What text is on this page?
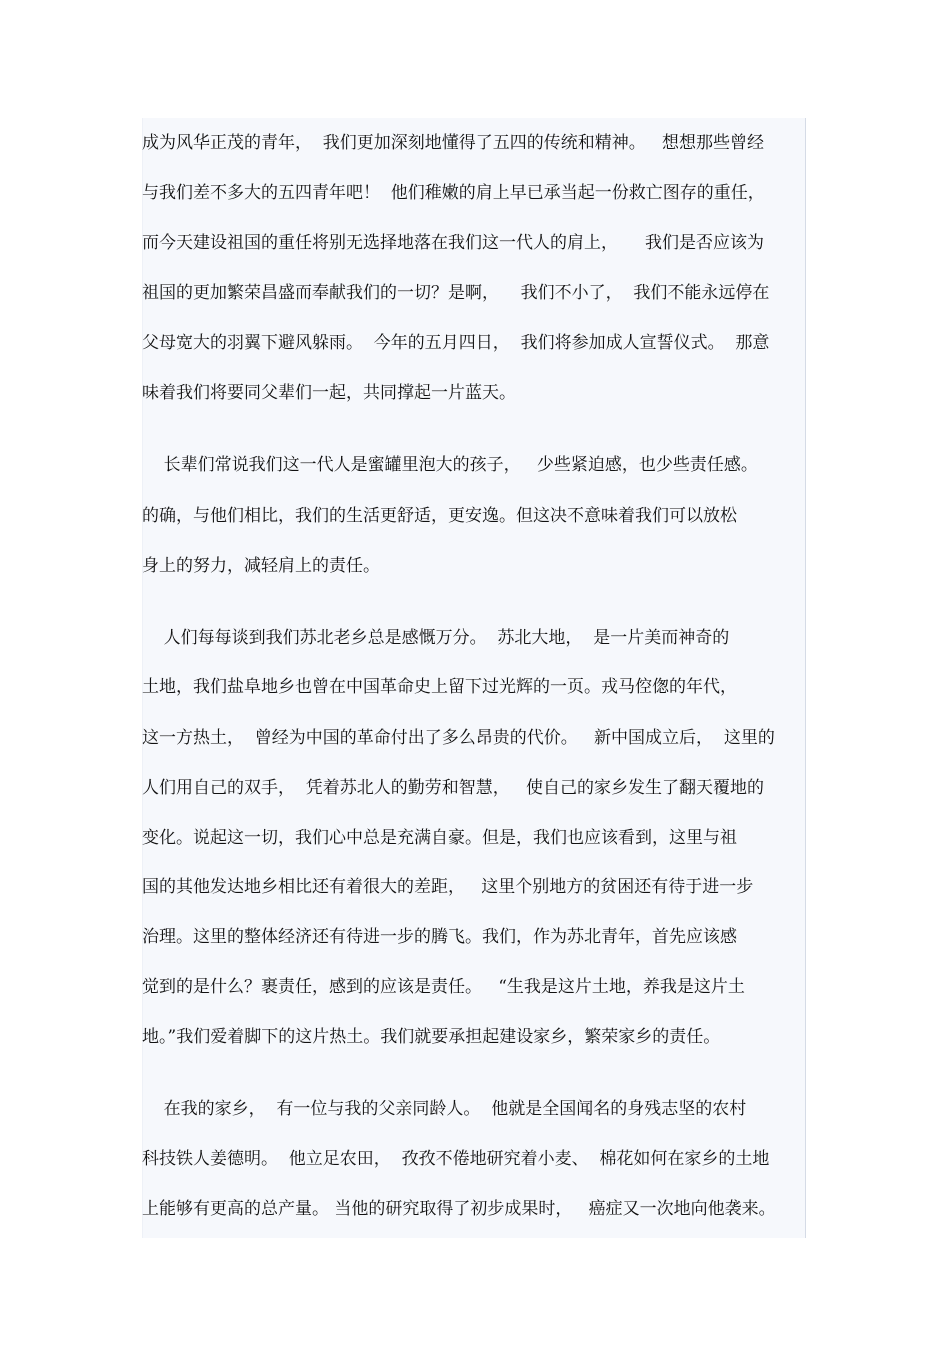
成为风华正茂的青年，  我们更加深刻地懂得了五四的传统和精神。   想想那些曾经
与我们差不多大的五四青年吧！  他们稚嫩的肩上早已承当起一份救亡图存的重任，
而今天建设祖国的重任将别无选择地落在我们这一代人的肩上，     我们是否应该为
祖国的更加繁荣昌盛而奉献我们的一切？是啊，    我们不小了，  我们不能永远停在
父母宽大的羽翼下避风躲雨。  今年的五月四日，  我们将参加成人宣誓仪式。  那意
味着我们将要同父辈们一起，共同撑起一片蓝天。
长辈们常说我们这一代人是蜜罐里泡大的孩子，   少些紧迫感，也少些责任感。
的确，与他们相比，我们的生活更舒适，更安逸。但这决不意味着我们可以放松
身上的努力，减轻肩上的责任。
人们每每谈到我们苏北老乡总是感慨万分。  苏北大地，  是一片美而神奇的
土地，我们盐阜地乡也曾在中国革命史上留下过光辉的一页。戎马倥偬的年代，
这一方热土，  曾经为中国的革命付出了多么昂贵的代价。   新中国成立后，  这里的
人们用自己的双手，  凭着苏北人的勤劳和智慧，   使自己的家乡发生了翻天覆地的
变化。说起这一切，我们心中总是充满自豪。但是，我们也应该看到，这里与祖
国的其他发达地乡相比还有着很大的差距，   这里个别地方的贫困还有待于进一步
治理。这里的整体经济还有待进一步的腾飞。我们，作为苏北青年，首先应该感
觉到的是什么？裹责任，感到的应该是责任。   “生我是这片土地，养我是这片土
地。”我们爱着脚下的这片热土。我们就要承担起建设家乡，繁荣家乡的责任。
在我的家乡，  有一位与我的父亲同龄人。  他就是全国闻名的身残志坚的农村
科技铁人姜德明。  他立足农田，  孜孜不倦地研究着小麦、  棉花如何在家乡的土地
上能够有更高的总产量。 当他的研究取得了初步成果时，   癌症又一次地向他袭来。
